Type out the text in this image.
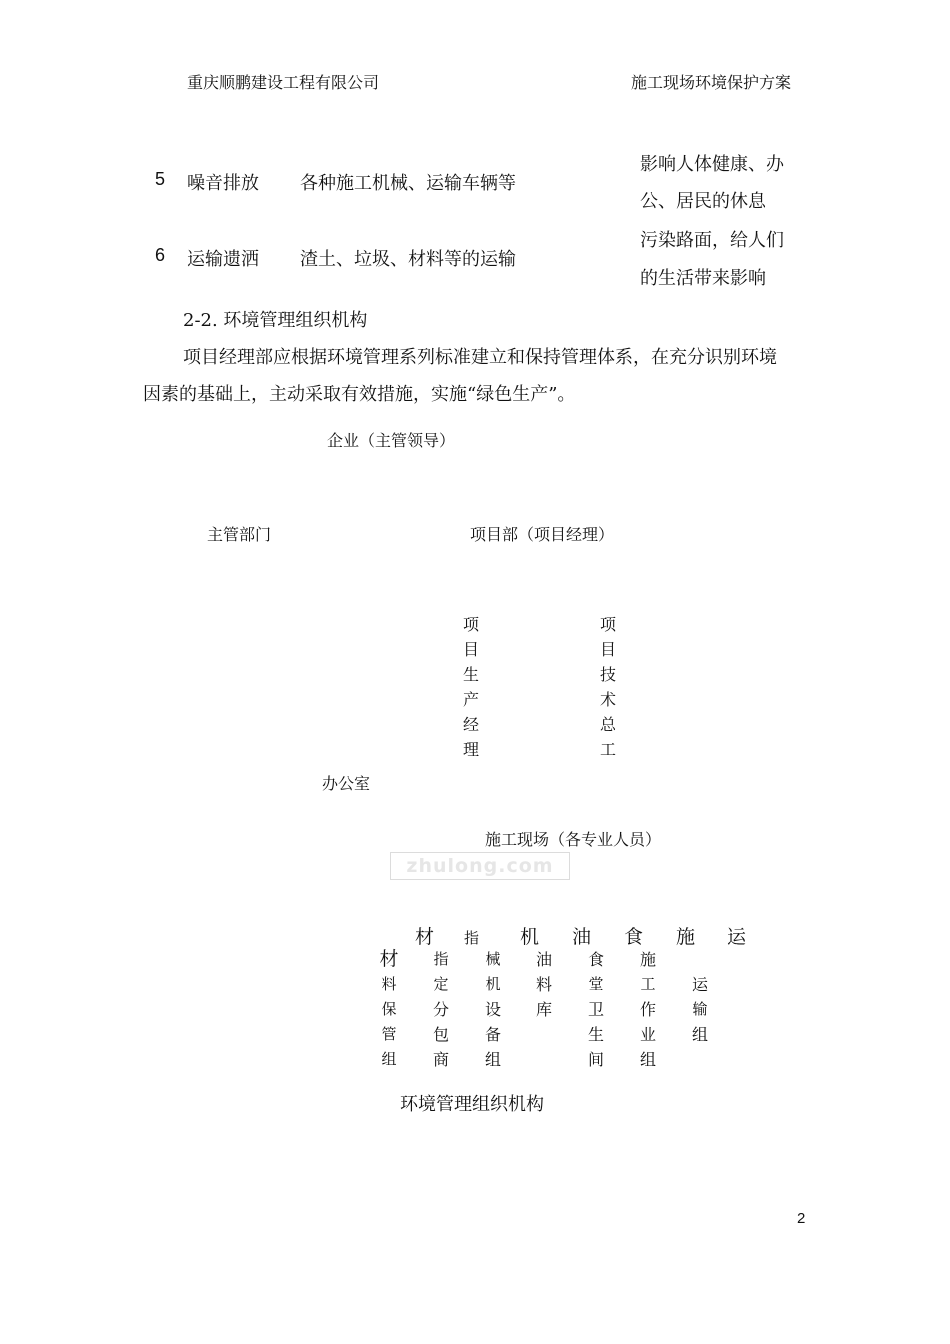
重庆顺鹏建设工程有限公司	施工现场环境保护方案
5 噪音排放 各种施工机械、运输车辆等
影响人体健康、办
公、居民的休息
6 运输遗洒 渣土、垃圾、材料等的运输
污染路面，给人们
的生活带来影响
2-2. 环境管理组织机构
项目经理部应根据环境管理系列标准建立和保持管理体系，在充分识别环境
因素的基础上，主动采取有效措施，实施“绿色生产”。
企业（主管领导）
主管部门	项目部（项目经理）
项
目
生
产
经
理
项
目
技
术
总
工
办公室
施工现场（各专业人员）
zhulong.com
材 指 机 油 食 施 运
材
料
保
管
组
指
定
分
包
商
械
机
设
备
组
油
料
库
食
堂
卫
生
间
施
工
作
业
组
运
输
组
环境管理组织机构
2
